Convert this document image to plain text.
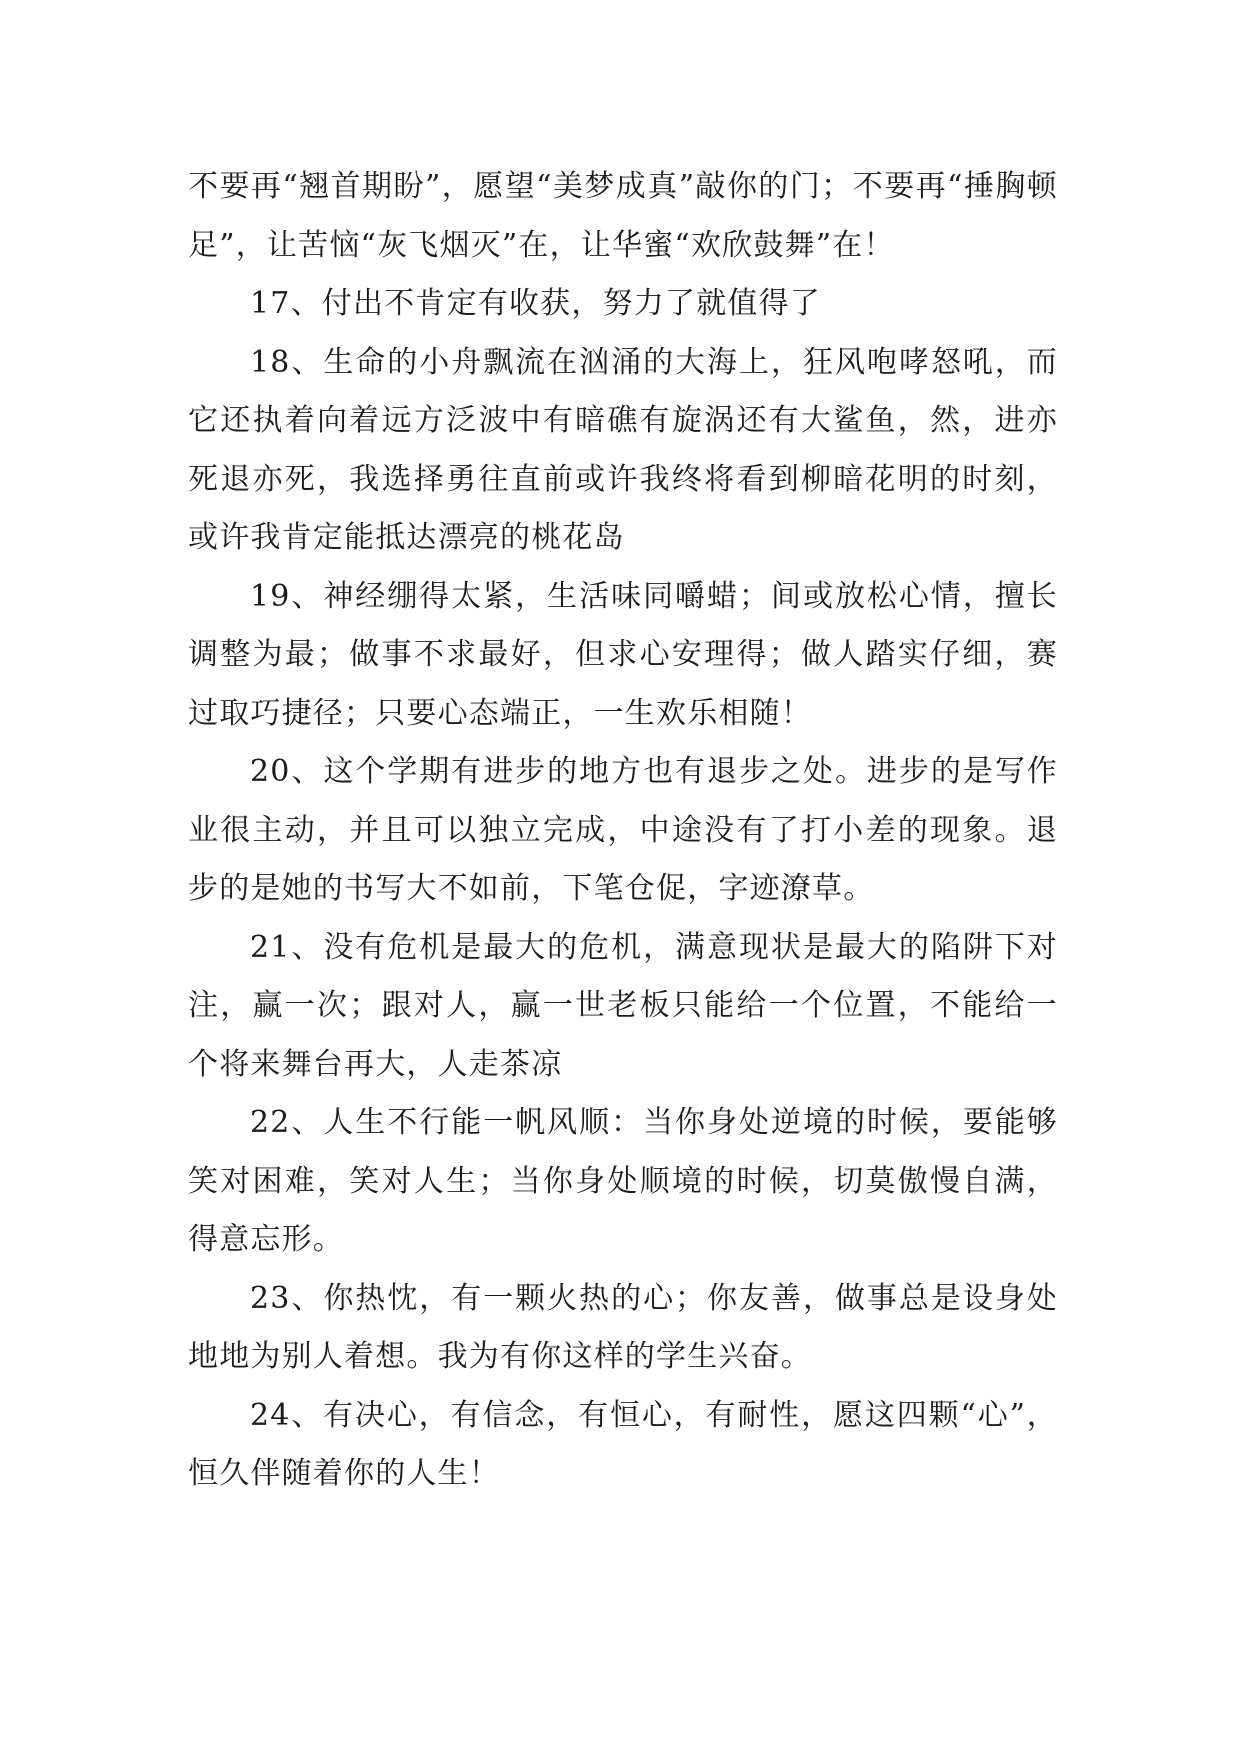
不要再“翘首期盼”，愿望“美梦成真”敲你的门；不要再“捶胸顿足”，让苦恼“灰飞烟灭”在，让华蜜“欢欣鼓舞”在！

17、付出不肯定有收获，努力了就值得了

18、生命的小舟飘流在汹涌的大海上，狂风咆哮怒吼，而它还执着向着远方泛波中有暗礁有旋涡还有大鲨鱼，然，进亦死退亦死，我选择勇往直前或许我终将看到柳暗花明的时刻，或许我肯定能抵达漂亮的桃花岛

19、神经绷得太紧，生活味同嚼蜡；间或放松心情，擅长调整为最；做事不求最好，但求心安理得；做人踏实仔细，赛过取巧捷径；只要心态端正，一生欢乐相随！

20、这个学期有进步的地方也有退步之处。进步的是写作业很主动，并且可以独立完成，中途没有了打小差的现象。退步的是她的书写大不如前，下笔仓促，字迹潦草。

21、没有危机是最大的危机，满意现状是最大的陷阱下对注，赢一次；跟对人，赢一世老板只能给一个位置，不能给一个将来舞台再大，人走茶凉

22、人生不行能一帆风顺：当你身处逆境的时候，要能够笑对困难，笑对人生；当你身处顺境的时候，切莫傲慢自满，得意忘形。

23、你热忱，有一颗火热的心；你友善，做事总是设身处地地为别人着想。我为有你这样的学生兴奋。

24、有决心，有信念，有恒心，有耐性，愿这四颗“心”，恒久伴随着你的人生！
